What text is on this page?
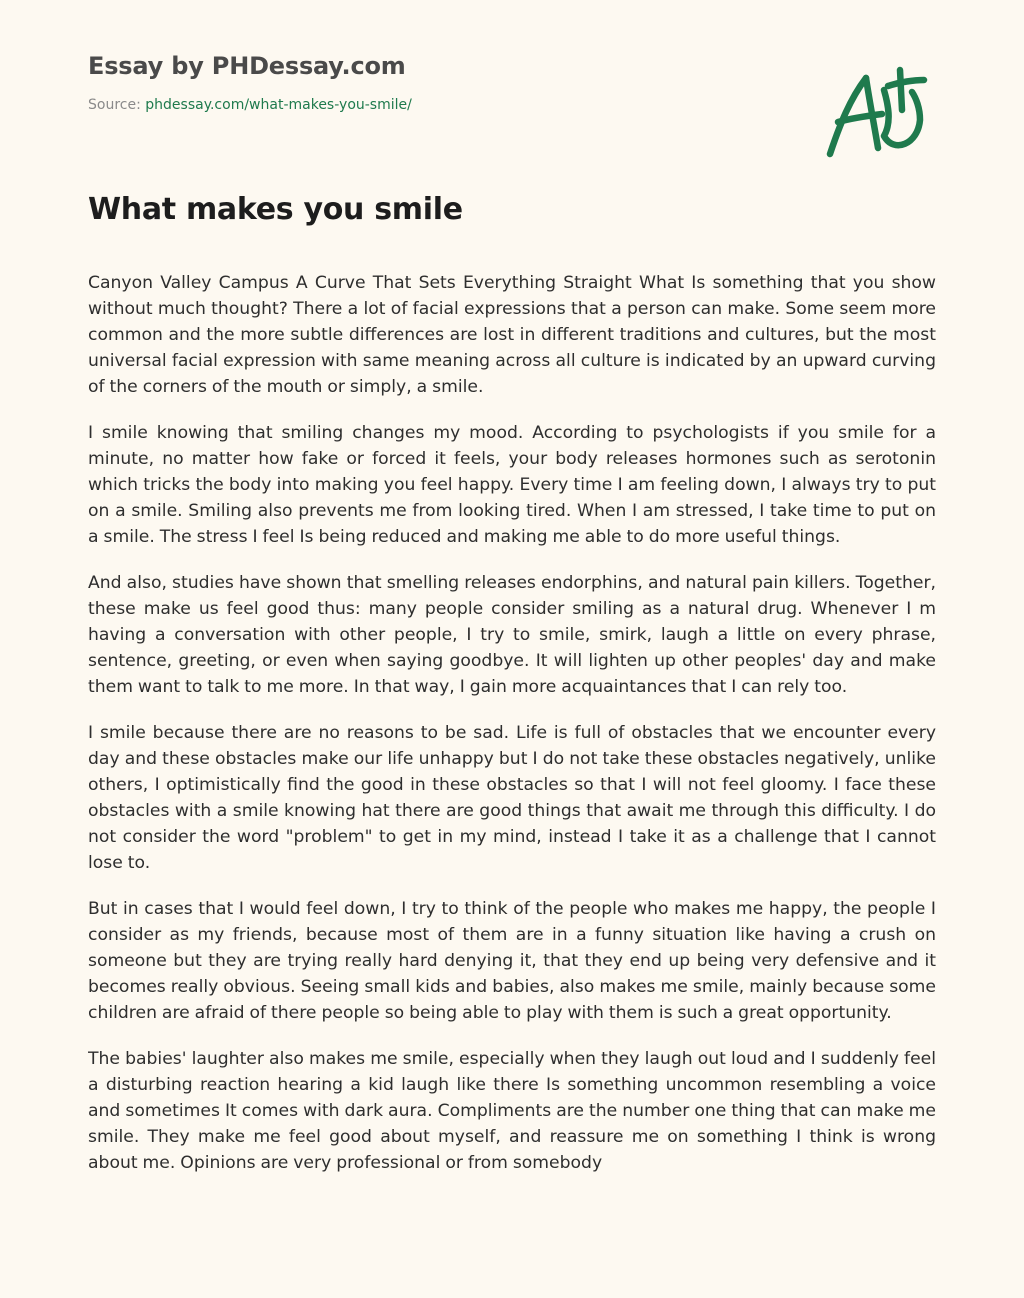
Essay by PHDessay.com
Source: phdessay.com/what-makes-you-smile/
What makes you smile

Canyon Valley Campus A Curve That Sets Everything Straight What Is something that you show without much thought? There a lot of facial expressions that a person can make. Some seem more common and the more subtle differences are lost in different traditions and cultures, but the most universal facial expression with same meaning across all culture is indicated by an upward curving of the corners of the mouth or simply, a smile.

I smile knowing that smiling changes my mood. According to psychologists if you smile for a minute, no matter how fake or forced it feels, your body releases hormones such as serotonin which tricks the body into making you feel happy. Every time I am feeling down, I always try to put on a smile. Smiling also prevents me from looking tired. When I am stressed, I take time to put on a smile. The stress I feel Is being reduced and making me able to do more useful things.

And also, studies have shown that smelling releases endorphins, and natural pain killers. Together, these make us feel good thus: many people consider smiling as a natural drug. Whenever I m having a conversation with other people, I try to smile, smirk, laugh a little on every phrase, sentence, greeting, or even when saying goodbye. It will lighten up other peoples' day and make them want to talk to me more. In that way, I gain more acquaintances that I can rely too.

I smile because there are no reasons to be sad. Life is full of obstacles that we encounter every day and these obstacles make our life unhappy but I do not take these obstacles negatively, unlike others, I optimistically find the good in these obstacles so that I will not feel gloomy. I face these obstacles with a smile knowing hat there are good things that await me through this difficulty. I do not consider the word "problem" to get in my mind, instead I take it as a challenge that I cannot lose to.

But in cases that I would feel down, I try to think of the people who makes me happy, the people I consider as my friends, because most of them are in a funny situation like having a crush on someone but they are trying really hard denying it, that they end up being very defensive and it becomes really obvious. Seeing small kids and babies, also makes me smile, mainly because some children are afraid of there people so being able to play with them is such a great opportunity.

The babies' laughter also makes me smile, especially when they laugh out loud and I suddenly feel a disturbing reaction hearing a kid laugh like there Is something uncommon resembling a voice and sometimes It comes with dark aura. Compliments are the number one thing that can make me smile. They make me feel good about myself, and reassure me on something I think is wrong about me. Opinions are very professional or from somebody
